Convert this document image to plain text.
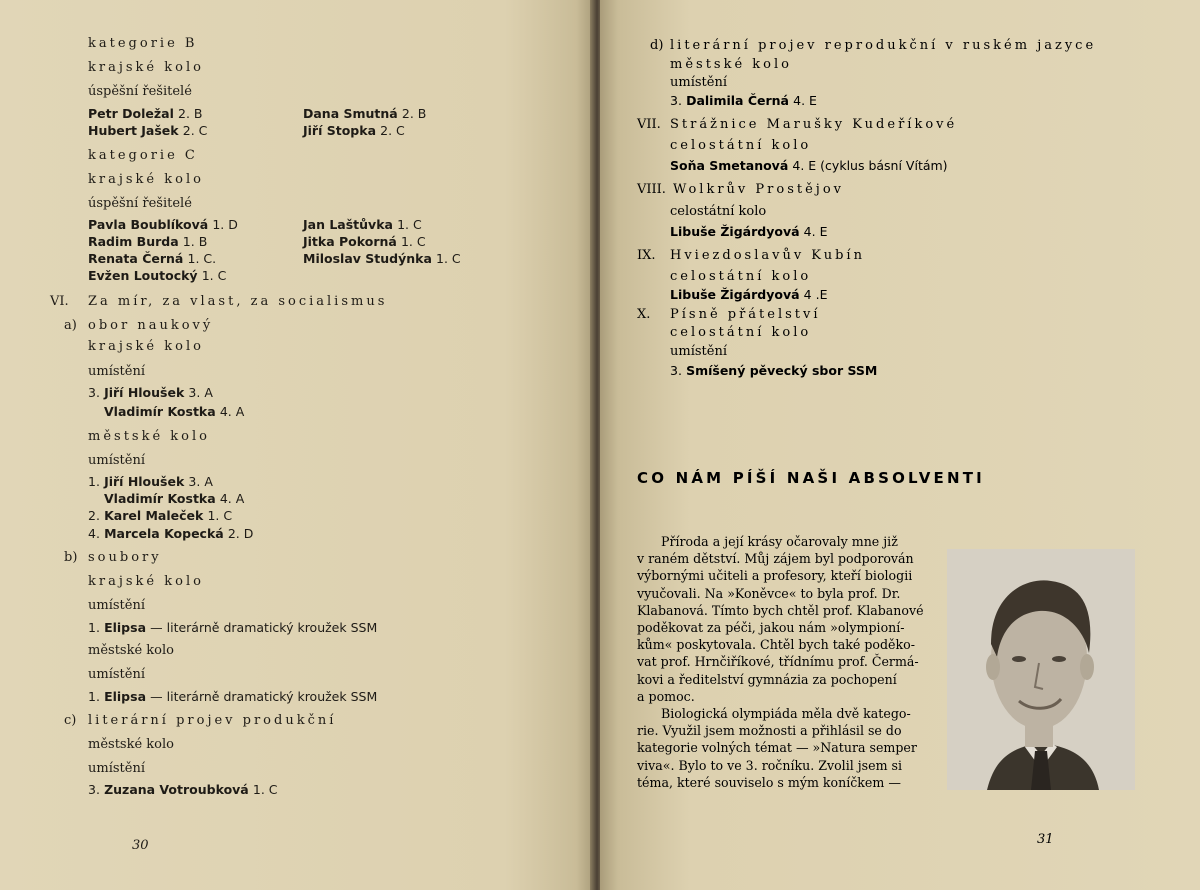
kategorie B
krajské kolo
úspěšní řešitelé
Petr Doležal 2. B
Hubert Jašek 2. C
Dana Smutná 2. B
Jiří Stopka 2. C
kategorie C
krajské kolo
úspěšní řešitelé
Pavla Boublíková 1. D
Radim Burda 1. B
Renata Černá 1. C.
Evžen Loutocký 1. C
Jan Laštůvka 1. C
Jitka Pokorná 1. C
Miloslav Studýnka 1. C
VI. Za mír, za vlast, za socialismus
a) obor naukový
krajské kolo
umístění
3. Jiří Hloušek 3. A
Vladimír Kostka 4. A
městské kolo
umístění
1. Jiří Hloušek 3. A
Vladimír Kostka 4. A
2. Karel Maleček 1. C
4. Marcela Kopecká 2. D
b) soubory
krajské kolo
umístění
1. Elipsa — literárně dramatický kroužek SSM
městské kolo
umístění
1. Elipsa — literárně dramatický kroužek SSM
c) literární projev produkční
městské kolo
umístění
3. Zuzana Votroubková 1. C
30
d) literární projev reprodukční v ruském jazyce
městské kolo
umístění
3. Dalimila Černá 4. E
VII. Strážnice Marušky Kudeříkové
celostátní kolo
Soňa Smetanová 4. E (cyklus básní Vítám)
VIII. Wolkrův Prostějov
celostátní kolo
Libuše Žigárdyová 4. E
IX. Hviezdoslavův Kubín
celostátní kolo
Libuše Žigárdyová 4 .E
X. Písně přátelství
celostátní kolo
umístění
3. Smíšený pěvecký sbor SSM
CO NÁM PÍŠÍ NAŠI ABSOLVENTI
Příroda a její krásy očarovaly mne již
v raném dětství. Můj zájem byl podporován
výbornými učiteli a profesory, kteří biologii
vyučovali. Na »Koněvce« to byla prof. Dr.
Klabanová. Tímto bych chtěl prof. Klabanové
poděkovat za péči, jakou nám »olympioní-
kům« poskytovala. Chtěl bych také poděko-
vat prof. Hrnčiříkové, třídnímu prof. Čermá-
kovi a ředitelství gymnázia za pochopení
a pomoc.
Biologická olympiáda měla dvě katego-
rie. Využil jsem možnosti a přihlásil se do
kategorie volných témat — »Natura semper
viva«. Bylo to ve 3. ročníku. Zvolil jsem si
téma, které souviselo s mým koníčkem —
31
